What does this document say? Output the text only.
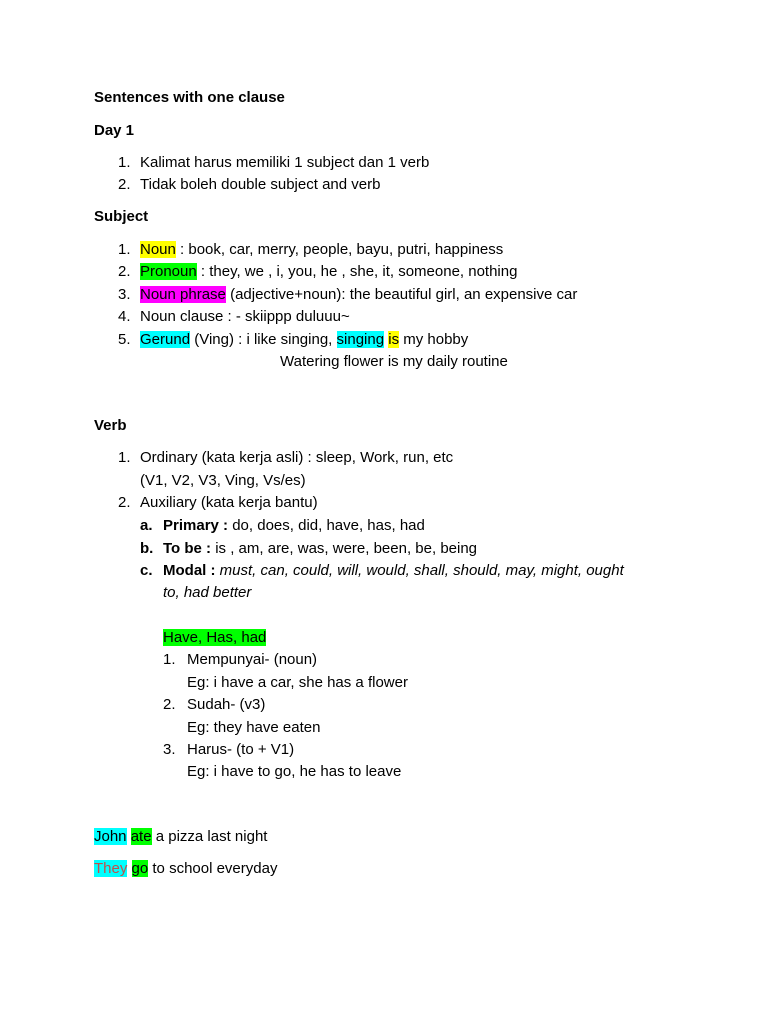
Sentences with one clause
Day 1
1. Kalimat harus memiliki 1 subject dan 1 verb
2. Tidak boleh double subject and verb
Subject
1. Noun : book, car, merry, people, bayu, putri, happiness
2. Pronoun : they, we , i, you, he , she, it, someone, nothing
3. Noun phrase (adjective+noun): the beautiful girl, an expensive car
4. Noun clause : - skiippp duluuu~
5. Gerund (Ving) : i like singing, singing is my hobby
Watering flower is my daily routine
Verb
1. Ordinary (kata kerja asli) : sleep, Work, run, etc
(V1, V2, V3, Ving, Vs/es)
2. Auxiliary (kata kerja bantu)
a. Primary : do, does, did, have, has, had
b. To be : is , am, are, was, were, been, be, being
c. Modal : must, can, could, will, would, shall, should, may, might, ought
to, had better
Have, Has, had
1. Mempunyai- (noun)
Eg: i have a car, she has a flower
2. Sudah- (v3)
Eg: they have eaten
3. Harus- (to + V1)
Eg: i have to go, he has to leave
John ate a pizza last night
They go to school everyday
